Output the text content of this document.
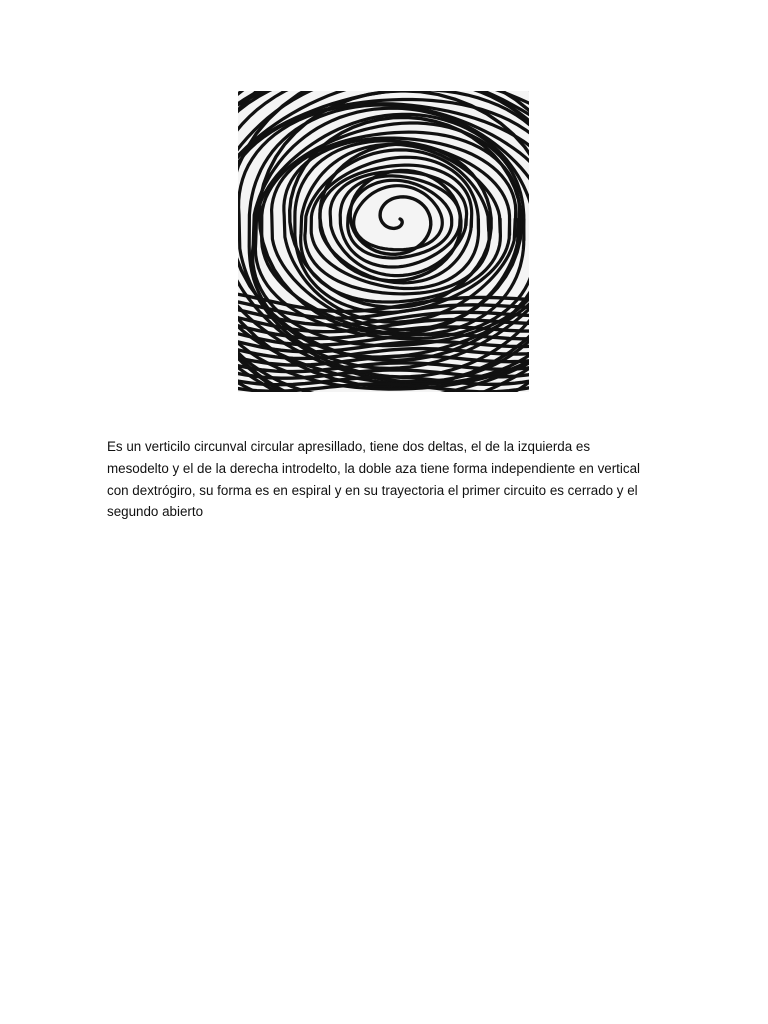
Es un verticilo circunval circular apresillado, tiene dos deltas, el de la izquierda es mesodelto y el de la derecha introdelto, la doble aza tiene forma independiente en vertical con dextrógiro, su forma es en espiral y en su trayectoria el primer circuito es cerrado y el segundo abierto
